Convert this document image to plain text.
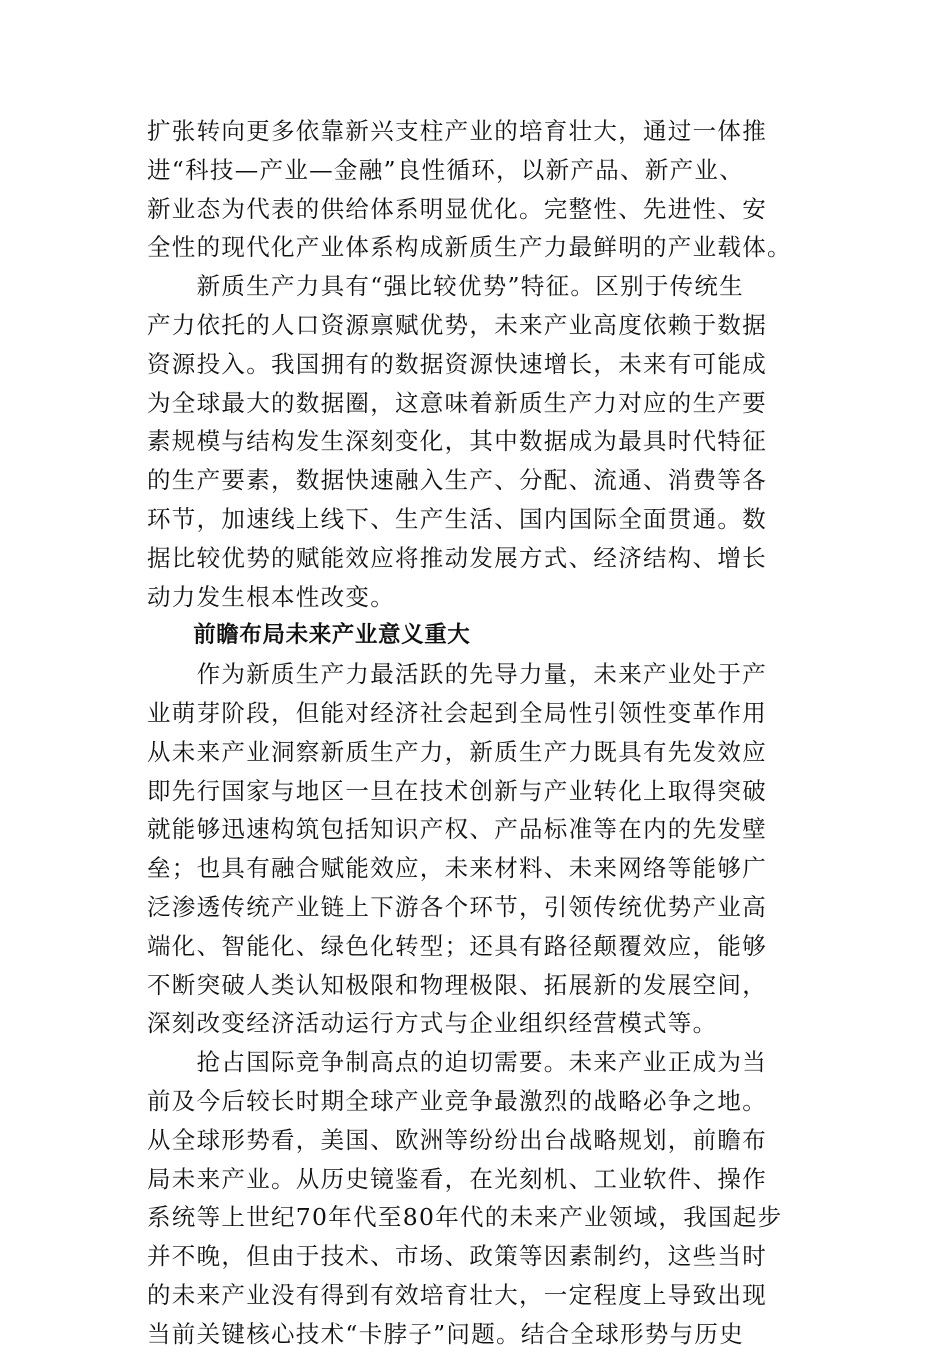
扩张转向更多依靠新兴支柱产业的培育壮大，通过一体推
进“科技—产业—金融”良性循环，以新产品、新产业、
新业态为代表的供给体系明显优化。完整性、先进性、安
全性的现代化产业体系构成新质生产力最鲜明的产业载体。
　　新质生产力具有“强比较优势”特征。区别于传统生
产力依托的人口资源禀赋优势，未来产业高度依赖于数据
资源投入。我国拥有的数据资源快速增长，未来有可能成
为全球最大的数据圈，这意味着新质生产力对应的生产要
素规模与结构发生深刻变化，其中数据成为最具时代特征
的生产要素，数据快速融入生产、分配、流通、消费等各
环节，加速线上线下、生产生活、国内国际全面贯通。数
据比较优势的赋能效应将推动发展方式、经济结构、增长
动力发生根本性改变。
　　前瞻布局未来产业意义重大
　　作为新质生产力最活跃的先导力量，未来产业处于产
业萌芽阶段，但能对经济社会起到全局性引领性变革作用
从未来产业洞察新质生产力，新质生产力既具有先发效应
即先行国家与地区一旦在技术创新与产业转化上取得突破
就能够迅速构筑包括知识产权、产品标准等在内的先发壁
垒；也具有融合赋能效应，未来材料、未来网络等能够广
泛渗透传统产业链上下游各个环节，引领传统优势产业高
端化、智能化、绿色化转型；还具有路径颠覆效应，能够
不断突破人类认知极限和物理极限、拓展新的发展空间，
深刻改变经济活动运行方式与企业组织经营模式等。
　　抢占国际竞争制高点的迫切需要。未来产业正成为当
前及今后较长时期全球产业竞争最激烈的战略必争之地。
从全球形势看，美国、欧洲等纷纷出台战略规划，前瞻布
局未来产业。从历史镜鉴看，在光刻机、工业软件、操作
系统等上世纪70年代至80年代的未来产业领域，我国起步
并不晚，但由于技术、市场、政策等因素制约，这些当时
的未来产业没有得到有效培育壮大，一定程度上导致出现
当前关键核心技术“卡脖子”问题。结合全球形势与历史
